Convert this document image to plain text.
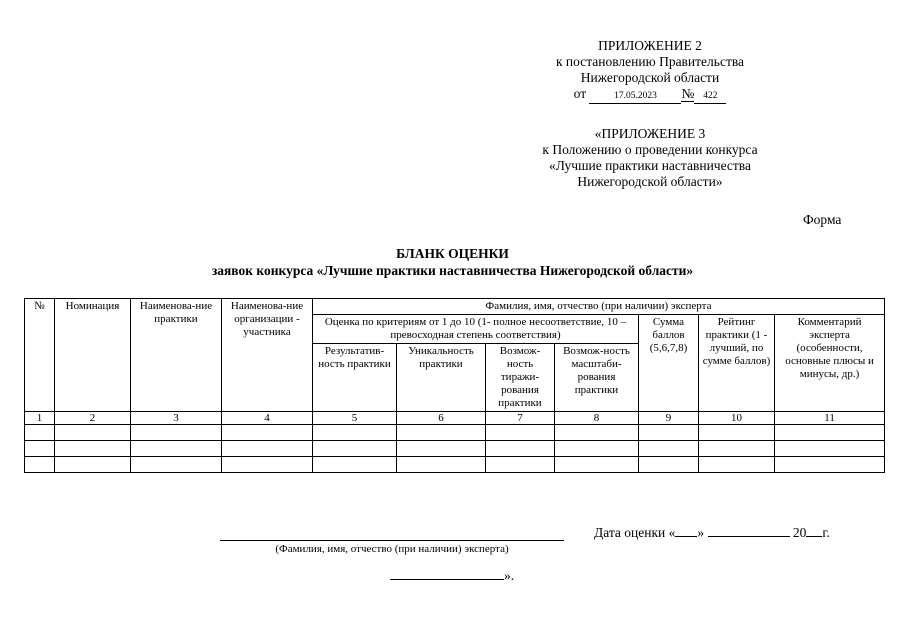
ПРИЛОЖЕНИЕ 2
к постановлению Правительства
Нижегородской области
от	17.05.2023 № 422
«ПРИЛОЖЕНИЕ 3
к Положению о проведении конкурса
«Лучшие практики наставничества
Нижегородской области»
Форма
БЛАНК ОЦЕНКИ
заявок конкурса «Лучшие практики наставничества Нижегородской области»
№	Номинация	Наименова-ние практики	Наименова-ние организации - участника	Фамилия, имя, отчество (при наличии) эксперта						
				Оценка по критериям от 1 до 10 (1- полное несоответствие, 10 – превосходная степень соответствия)				Сумма баллов (5,6,7,8)	Рейтинг практики (1 - лучший, по сумме баллов)	Комментарий эксперта (особенности, основные плюсы и минусы, др.)
				Результатив-ность практики	Уникальность практики	Возмож-ность тиражи-рования практики	Возмож-ность масштаби-рования практики			
1	2	3	4	5	6	7	8	9	10	11

(Фамилия, имя, отчество (при наличии) эксперта)
Дата оценки « »	20 г.
».
